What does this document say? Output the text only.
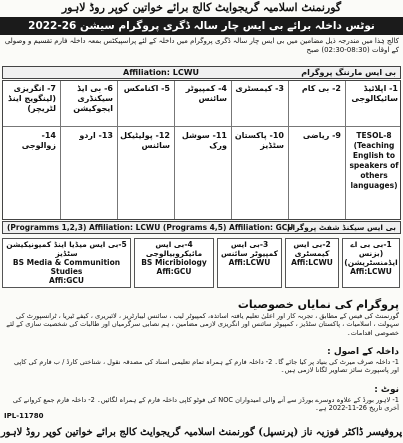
گورنمنٹ اسلامیہ گریجوایٹ کالج برائے خواتین کوپر روڈ لاہور
نوٹس داخلہ برائے بی ایس چار سالہ ڈگری پروگرام سیشن 2022-26
کالج ہٰذا میں مندرجہ ذیل مضامین میں بی ایس چار سالہ ڈگری پروگرام میں داخلہ کے لئے پراسپیکٹس بمعہ داخلہ فارم تقسیم و وصولی کے اوقات (08:30-02:30) صبح
Affiliation: LCWU	بی ایس مارننگ پروگرام
1- اپلائیڈ سائیکالوجی
2- بی کام
3- کیمسٹری
4- کمپیوٹر سائنس
5- اکنامکس
6- بی ایڈ سیکنڈری ایجوکیشن
7- انگریزی (لینگویج اینڈ لٹریچر)
TESOL-8
(Teaching English to speakers of others languages)
9- ریاضی
10- پاکستان سٹڈیز
11- سوشل ورک
12- پولیٹیکل سائنس
13- اردو
14- زوالوجی
(Programms 1,2,3) Affiliation: LCWU (Programs 4,5) Affiliation: GCU
بی ایس سیکنڈ شفٹ پروگرام
1-بی بی اے (بزنس ایڈمنسٹریشن)
Affi:LCWU
2-بی ایس کیمسٹری
Affi:LCWU
3-بی ایس کمپیوٹر سائنس
Affi:LCWU
4-بی ایس مائیکروبیالوجی
BS Micribiology
Affi:GCU
5-بی ایس میڈیا اینڈ کمیونیکیشن سٹڈیز
BS Media & Communition Studies
Affi:GCU
پروگرام کی نمایاں خصوصیات
گورنمنٹ کی فیس کے مطابق ، تجربہ کار اور اعلیٰ تعلیم یافتہ اساتذہ، کمپیوٹر لیب ، سائنس لیبارٹریز ، لائبریری ، کیفے ٹیریا ، ٹرانسپورٹ کی سہولت ، اسلامیات ، پاکستان سٹڈیز ، کمپیوٹر سائنس اور انگریزی لازمی مضامین ، ہم نصابی سرگرمیاں اور طالبات کی شخصیت سازی کے لئے خصوصی اقدامات۔
داخلہ کے اصول :
1- داخلہ صرف میرٹ کی بنیاد پر کیا جائے گا۔ 2- داخلہ فارم کے ہمراہ تمام تعلیمی اسناد کی مصدقہ نقول ، شناختی کارڈ / ب فارم کی کاپی اور پاسپورٹ سائز تصاویر لگانا لازمی ہیں۔
نوٹ :
1- لاہور بورڈ کے علاوہ دوسرے بورڈز سے آنے والی امیدواران NOC کی فوٹو کاپی داخلہ فارم کے ہمراہ لگائیں۔ 2- داخلہ فارم جمع کروانے کی آخری تاریخ 26-11-2022 ہے۔
IPL-11780
پروفیسر ڈاکٹر فوزیہ ناز (پرنسپل) گورنمنٹ اسلامیہ گریجوایٹ کالج برائے خواتین کوپر روڈ لاہور
